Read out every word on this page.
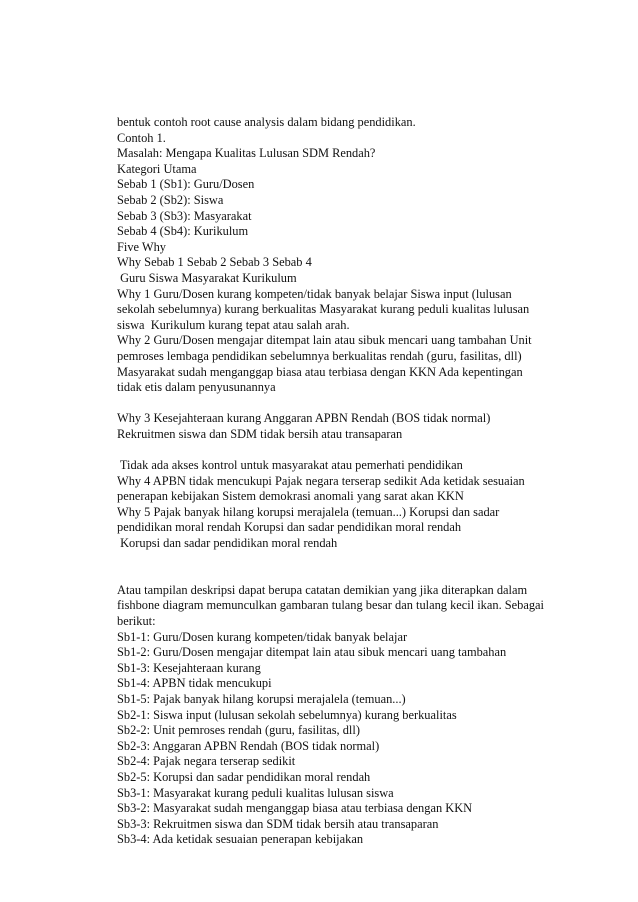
bentuk contoh root cause analysis dalam bidang pendidikan.
Contoh 1.
Masalah: Mengapa Kualitas Lulusan SDM Rendah?
Kategori Utama
Sebab 1 (Sb1): Guru/Dosen
Sebab 2 (Sb2): Siswa
Sebab 3 (Sb3): Masyarakat
Sebab 4 (Sb4): Kurikulum
Five Why
Why Sebab 1 Sebab 2 Sebab 3 Sebab 4
Guru Siswa Masyarakat Kurikulum
Why 1 Guru/Dosen kurang kompeten/tidak banyak belajar Siswa input (lulusan
sekolah sebelumnya) kurang berkualitas Masyarakat kurang peduli kualitas lulusan
siswa  Kurikulum kurang tepat atau salah arah.
Why 2 Guru/Dosen mengajar ditempat lain atau sibuk mencari uang tambahan Unit
pemroses lembaga pendidikan sebelumnya berkualitas rendah (guru, fasilitas, dll)
Masyarakat sudah menganggap biasa atau terbiasa dengan KKN Ada kepentingan
tidak etis dalam penyusunannya
Why 3 Kesejahteraan kurang Anggaran APBN Rendah (BOS tidak normal)
Rekruitmen siswa dan SDM tidak bersih atau transaparan
Tidak ada akses kontrol untuk masyarakat atau pemerhati pendidikan
Why 4 APBN tidak mencukupi Pajak negara terserap sedikit Ada ketidak sesuaian
penerapan kebijakan Sistem demokrasi anomali yang sarat akan KKN
Why 5 Pajak banyak hilang korupsi merajalela (temuan...) Korupsi dan sadar
pendidikan moral rendah Korupsi dan sadar pendidikan moral rendah
Korupsi dan sadar pendidikan moral rendah
Atau tampilan deskripsi dapat berupa catatan demikian yang jika diterapkan dalam
fishbone diagram memunculkan gambaran tulang besar dan tulang kecil ikan. Sebagai
berikut:
Sb1-1: Guru/Dosen kurang kompeten/tidak banyak belajar
Sb1-2: Guru/Dosen mengajar ditempat lain atau sibuk mencari uang tambahan
Sb1-3: Kesejahteraan kurang
Sb1-4: APBN tidak mencukupi
Sb1-5: Pajak banyak hilang korupsi merajalela (temuan...)
Sb2-1: Siswa input (lulusan sekolah sebelumnya) kurang berkualitas
Sb2-2: Unit pemroses rendah (guru, fasilitas, dll)
Sb2-3: Anggaran APBN Rendah (BOS tidak normal)
Sb2-4: Pajak negara terserap sedikit
Sb2-5: Korupsi dan sadar pendidikan moral rendah
Sb3-1: Masyarakat kurang peduli kualitas lulusan siswa
Sb3-2: Masyarakat sudah menganggap biasa atau terbiasa dengan KKN
Sb3-3: Rekruitmen siswa dan SDM tidak bersih atau transaparan
Sb3-4: Ada ketidak sesuaian penerapan kebijakan
